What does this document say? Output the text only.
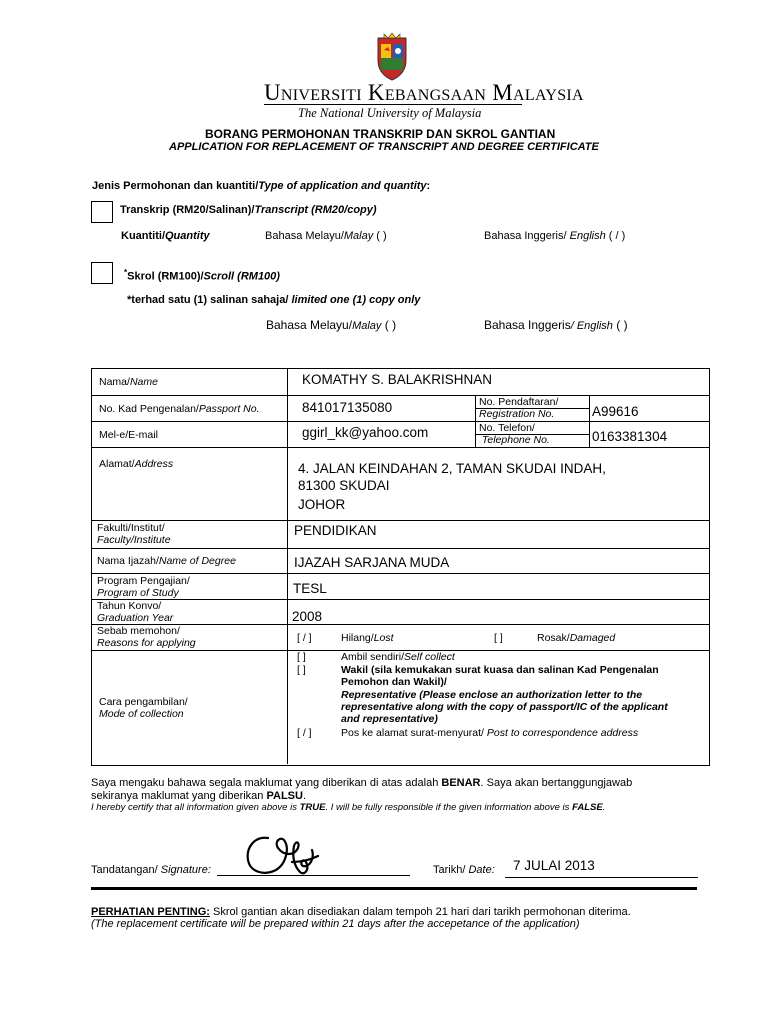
UNIVERSITI KEBANGSAAN MALAYSIA
The National University of Malaysia
BORANG PERMOHONAN TRANSKRIP DAN SKROL GANTIAN
APPLICATION FOR REPLACEMENT OF TRANSCRIPT AND DEGREE CERTIFICATE
Jenis Permohonan dan kuantiti/Type of application and quantity:
Transkrip (RM20/Salinan)/Transcript (RM20/copy)
Kuantiti/Quantity	Bahasa Melayu/Malay ( )	Bahasa Inggeris/ English ( / )
*Skrol (RM100)/Scroll (RM100)
*terhad satu (1) salinan sahaja/ limited one (1) copy only
Bahasa Melayu/Malay ( )	Bahasa Inggeris/ English ( )
Nama/Name	KOMATHY S. BALAKRISHNAN
No. Kad Pengenalan/Passport No.	841017135080	No. Pendaftaran/
Registration No.	A99616
Mel-e/E-mail	ggirl_kk@yahoo.com	No. Telefon/
Telephone No.	0163381304
Alamat/Address	4. JALAN KEINDAHAN 2, TAMAN SKUDAI INDAH,
81300 SKUDAI
JOHOR
Fakulti/Institut/
Faculty/Institute
PENDIDIKAN
Nama Ijazah/Name of Degree	IJAZAH SARJANA MUDA
Program Pengajian/
Program of Study	TESL
Tahun Konvo/
Graduation Year	2008
Sebab memohon/
Reasons for applying	[ / ]	Hilang/Lost	[ ]	Rosak/Damaged
Cara pengambilan/
Mode of collection
[ ]	Ambil sendiri/Self collect
[ ]	Wakil (sila kemukakan surat kuasa dan salinan Kad Pengenalan
Pemohon dan Wakil)/
Representative (Please enclose an authorization letter to the
representative along with the copy of passport/IC of the applicant
and representative)
[ / ]	Pos ke alamat surat-menyurat/ Post to correspondence address
Saya mengaku bahawa segala maklumat yang diberikan di atas adalah BENAR. Saya akan bertanggungjawab
sekiranya maklumat yang diberikan PALSU.
I hereby certify that all information given above is TRUE. I will be fully responsible if the given information above is FALSE.
Tandatangan/ Signature:	Tarikh/ Date: 7 JULAI 2013
PERHATIAN PENTING: Skrol gantian akan disediakan dalam tempoh 21 hari dari tarikh permohonan diterima.
(The replacement certificate will be prepared within 21 days after the accepetance of the application)
